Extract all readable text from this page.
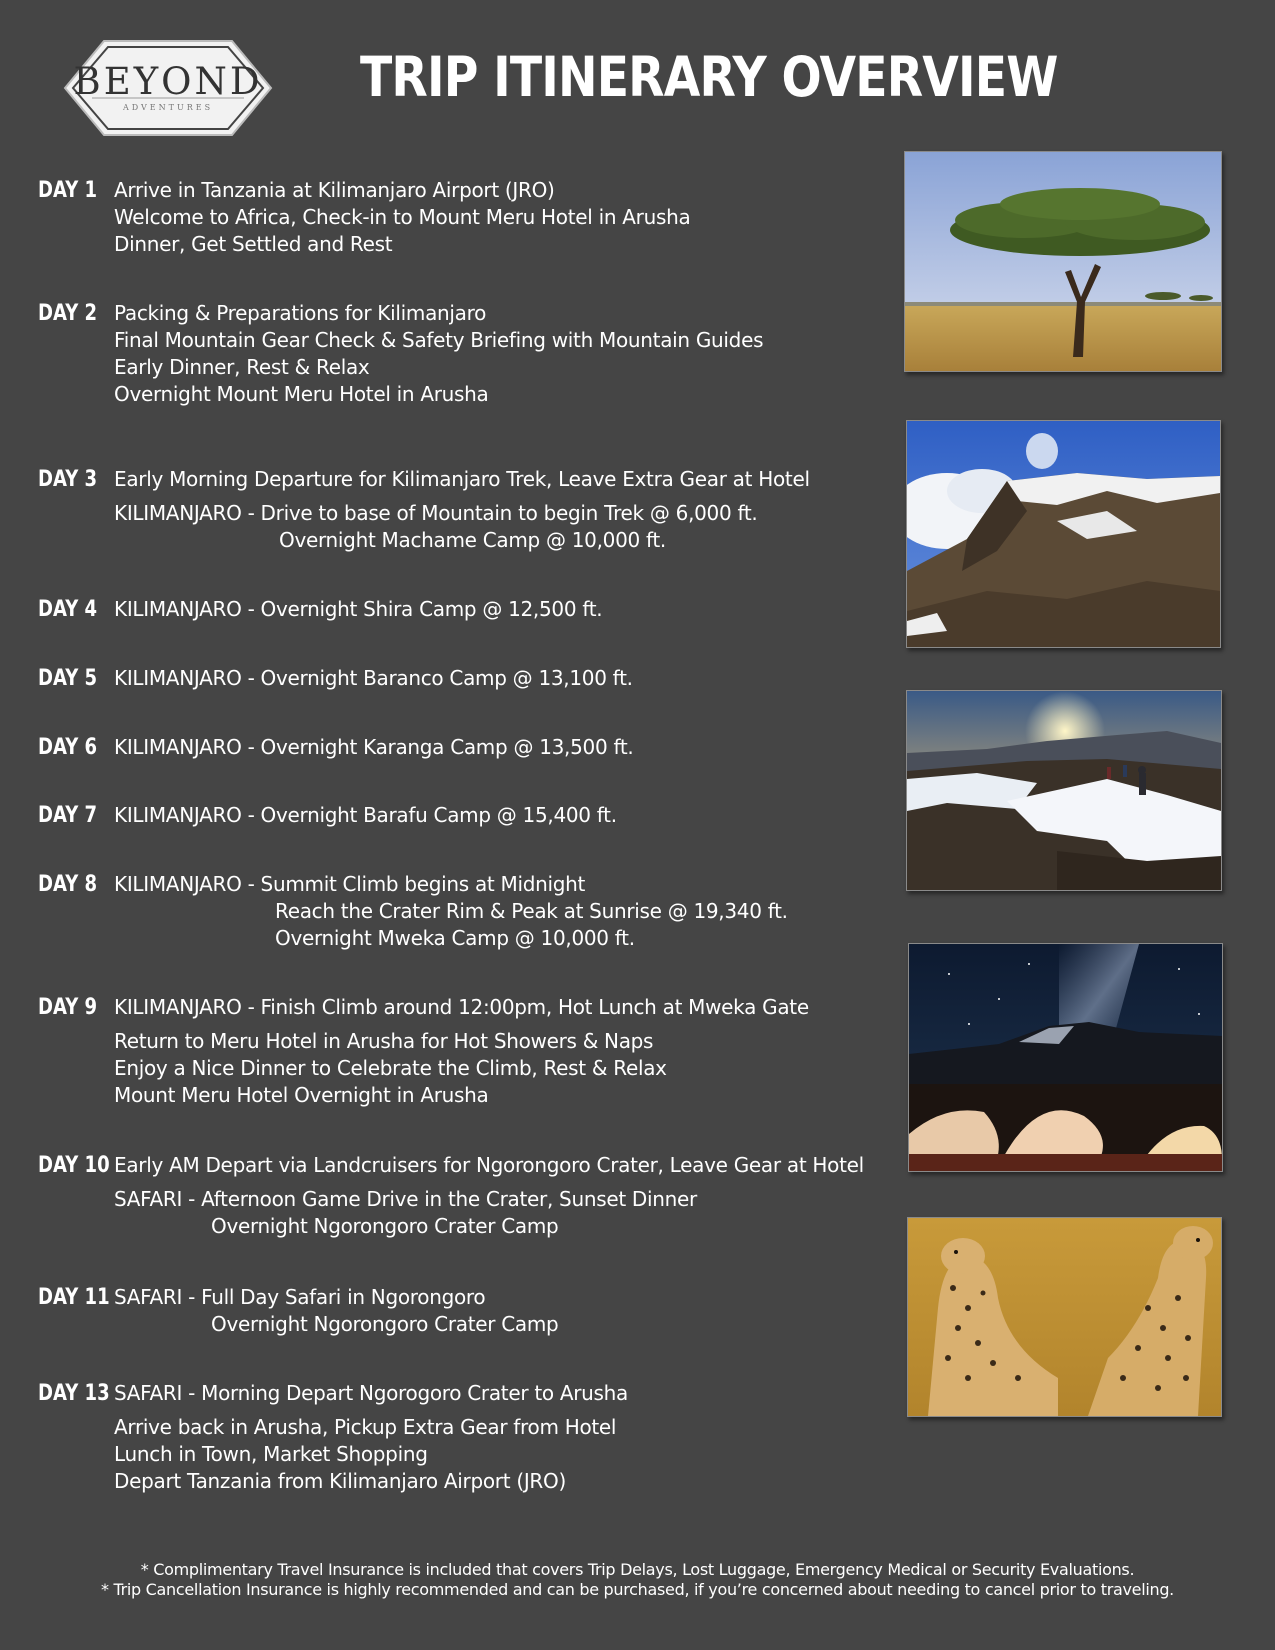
BEYOND
ADVENTURES	TRIP ITINERARY OVERVIEW
DAY 1 Arrive in Tanzania at Kilimanjaro Airport (JRO)
Welcome to Africa, Check-in to Mount Meru Hotel in Arusha
Dinner, Get Settled and Rest
DAY 2 Packing & Preparations for Kilimanjaro
Final Mountain Gear Check & Safety Briefing with Mountain Guides
Early Dinner, Rest & Relax
Overnight Mount Meru Hotel in Arusha
DAY 3 Early Morning Departure for Kilimanjaro Trek, Leave Extra Gear at Hotel
KILIMANJARO - Drive to base of Mountain to begin Trek @ 6,000 ft.
Overnight Machame Camp @ 10,000 ft.
DAY 4 KILIMANJARO - Overnight Shira Camp @ 12,500 ft.
DAY 5 KILIMANJARO - Overnight Baranco Camp @ 13,100 ft.
DAY 6 KILIMANJARO - Overnight Karanga Camp @ 13,500 ft.
DAY 7 KILIMANJARO - Overnight Barafu Camp @ 15,400 ft.
DAY 8 KILIMANJARO - Summit Climb begins at Midnight
Reach the Crater Rim & Peak at Sunrise @ 19,340 ft.
Overnight Mweka Camp @ 10,000 ft.
DAY 9 KILIMANJARO - Finish Climb around 12:00pm, Hot Lunch at Mweka Gate
Return to Meru Hotel in Arusha for Hot Showers & Naps
Enjoy a Nice Dinner to Celebrate the Climb, Rest & Relax
Mount Meru Hotel Overnight in Arusha
DAY 10 Early AM Depart via Landcruisers for Ngorongoro Crater, Leave Gear at Hotel
SAFARI - Afternoon Game Drive in the Crater, Sunset Dinner
Overnight Ngorongoro Crater Camp
DAY 11 SAFARI - Full Day Safari in Ngorongoro
Overnight Ngorongoro Crater Camp
DAY 13 SAFARI - Morning Depart Ngorogoro Crater to Arusha
Arrive back in Arusha, Pickup Extra Gear from Hotel
Lunch in Town, Market Shopping
Depart Tanzania from Kilimanjaro Airport (JRO)
* Complimentary Travel Insurance is included that covers Trip Delays, Lost Luggage, Emergency Medical or Security Evaluations.
* Trip Cancellation Insurance is highly recommended and can be purchased, if you’re concerned about needing to cancel prior to traveling.
